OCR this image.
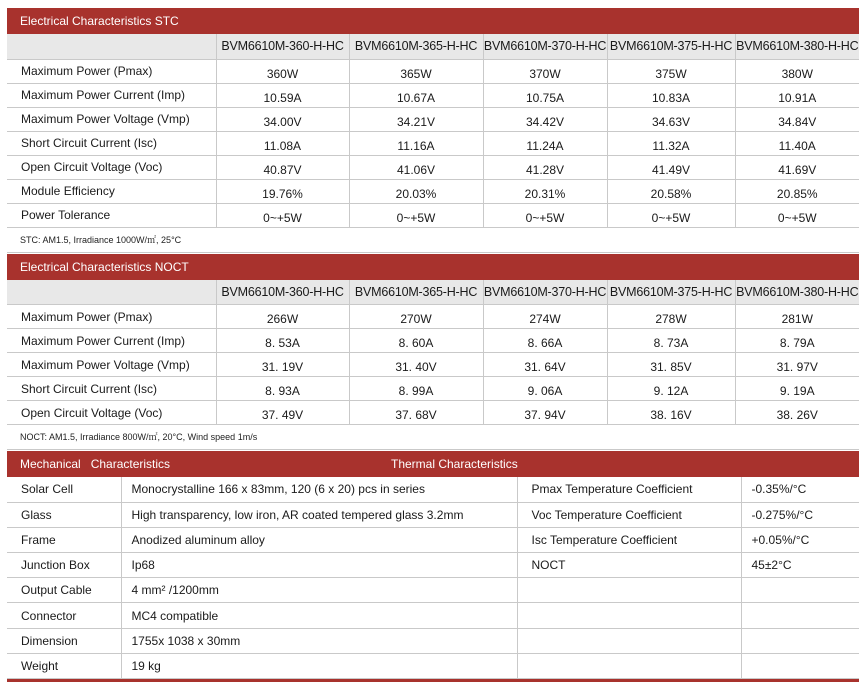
Electrical Characteristics STC
	BVM6610M-360-H-HC	BVM6610M-365-H-HC	BVM6610M-370-H-HC	BVM6610M-375-H-HC	BVM6610M-380-H-HC
Maximum Power (Pmax)	360W	365W	370W	375W	380W
Maximum Power Current (Imp)	10.59A	10.67A	10.75A	10.83A	10.91A
Maximum Power Voltage (Vmp)	34.00V	34.21V	34.42V	34.63V	34.84V
Short Circuit Current (Isc)	11.08A	11.16A	11.24A	11.32A	11.40A
Open Circuit Voltage (Voc)	40.87V	41.06V	41.28V	41.49V	41.69V
Module Efficiency	19.76%	20.03%	20.31%	20.58%	20.85%
Power Tolerance	0~+5W	0~+5W	0~+5W	0~+5W	0~+5W
STC: AM1.5, Irradiance 1000W/㎡, 25°C
Electrical Characteristics NOCT
	BVM6610M-360-H-HC	BVM6610M-365-H-HC	BVM6610M-370-H-HC	BVM6610M-375-H-HC	BVM6610M-380-H-HC
Maximum Power (Pmax)	266W	270W	274W	278W	281W
Maximum Power Current (Imp)	8. 53A	8. 60A	8. 66A	8. 73A	8. 79A
Maximum Power Voltage (Vmp)	31. 19V	31. 40V	31. 64V	31. 85V	31. 97V
Short Circuit Current (Isc)	8. 93A	8. 99A	9. 06A	9. 12A	9. 19A
Open Circuit Voltage (Voc)	37. 49V	37. 68V	37. 94V	38. 16V	38. 26V
NOCT: AM1.5, Irradiance 800W/㎡, 20°C, Wind speed 1m/s
Mechanical   Characteristics	Thermal Characteristics
Solar Cell	Monocrystalline 166 x 83mm, 120 (6 x 20) pcs in series	Pmax Temperature Coefficient	-0.35%/°C
Glass	High transparency, low iron, AR coated tempered glass 3.2mm	Voc Temperature Coefficient	-0.275%/°C
Frame	Anodized aluminum alloy	Isc Temperature Coefficient	+0.05%/°C
Junction Box	Ip68	NOCT	45±2°C
Output Cable	4 mm² /1200mm		
Connector	MC4 compatible		
Dimension	1755x 1038 x 30mm		
Weight	19 kg		
